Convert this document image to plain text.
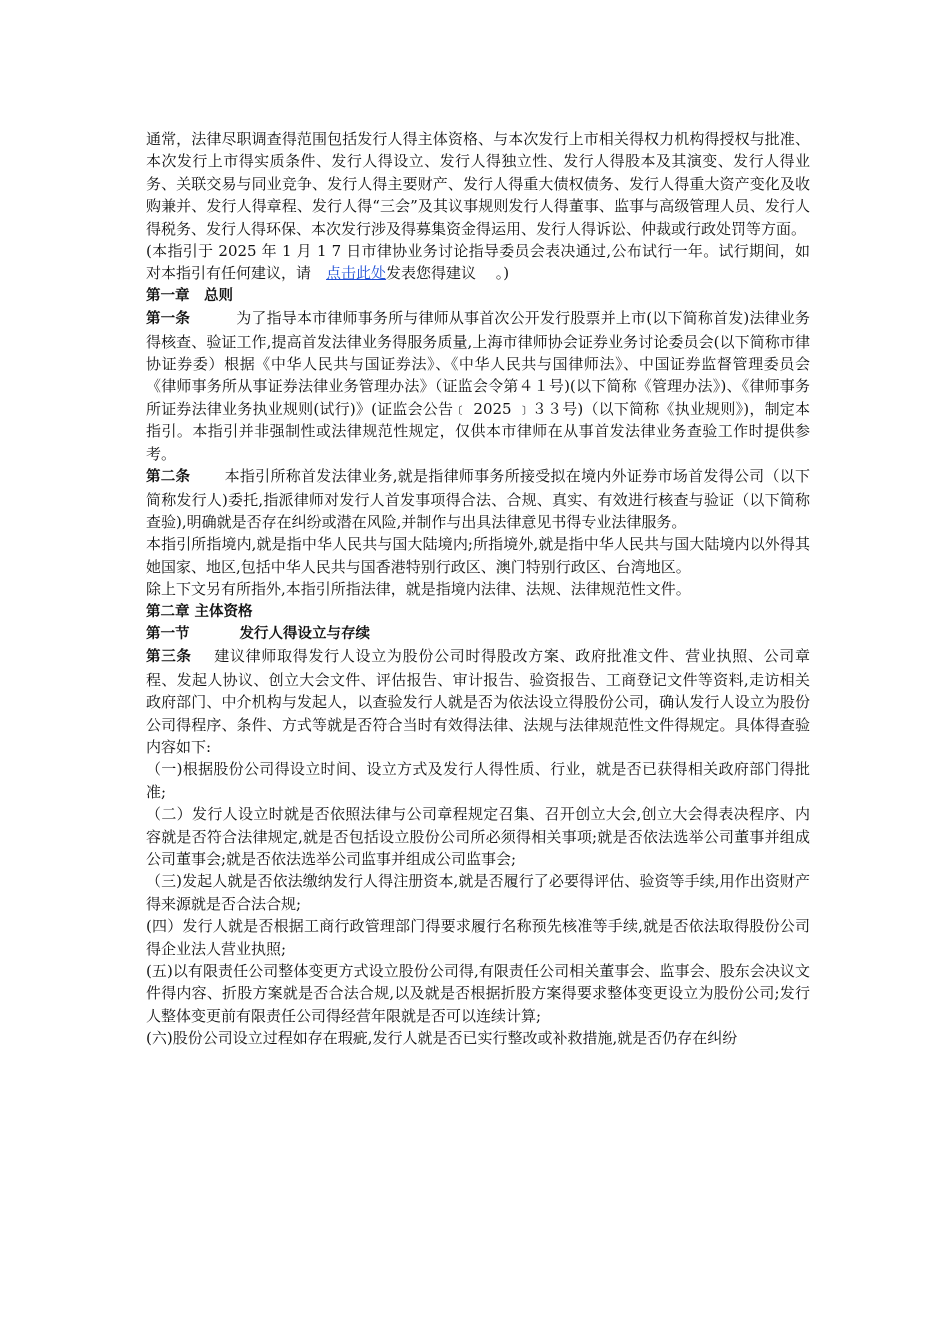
通常，法律尽职调查得范围包括发行人得主体资格、与本次发行上市相关得权力机构得授权与批准、本次发行上市得实质条件、发行人得设立、发行人得独立性、发行人得股本及其演变、发行人得业务、关联交易与同业竞争、发行人得主要财产、发行人得重大债权债务、发行人得重大资产变化及收购兼并、发行人得章程、发行人得“三会”及其议事规则发行人得董事、监事与高级管理人员、发行人得税务、发行人得环保、本次发行涉及得募集资金得运用、发行人得诉讼、仲裁或行政处罚等方面。

(本指引于 2025 年 1 月 1 7 日市律协业务讨论指导委员会表决通过,公布试行一年。试行期间，如对本指引有任何建议，请　点击此处发表您得建议 　。)

第一章　总则

第一条	为了指导本市律师事务所与律师从事首次公开发行股票并上市(以下简称首发)法律业务得核查、验证工作,提高首发法律业务得服务质量,上海市律师协会证券业务讨论委员会(以下简称市律协证券委）根据《中华人民共与国证券法》、《中华人民共与国律师法》、中国证券监督管理委员会《律师事务所从事证券法律业务管理办法》（证监会令第４１号)(以下简称《管理办法》)、《律师事务所证券法律业务执业规则(试行)》(证监会公告﹝ 2025 ﹞３３号)（以下简称《执业规则》)，制定本指引。本指引并非强制性或法律规范性规定，仅供本市律师在从事首发法律业务查验工作时提供参考。

第二条 本指引所称首发法律业务,就是指律师事务所接受拟在境内外证券市场首发得公司（以下简称发行人)委托,指派律师对发行人首发事项得合法、合规、真实、有效进行核查与验证（以下简称查验),明确就是否存在纠纷或潜在风险,并制作与出具法律意见书得专业法律服务。

本指引所指境内,就是指中华人民共与国大陆境内;所指境外,就是指中华人民共与国大陆境内以外得其她国家、地区,包括中华人民共与国香港特别行政区、澳门特别行政区、台湾地区。

除上下文另有所指外,本指引所指法律，就是指境内法律、法规、法律规范性文件。

第二章 主体资格

第一节	发行人得设立与存续

第三条 建议律师取得发行人设立为股份公司时得股改方案、政府批准文件、营业执照、公司章程、发起人协议、创立大会文件、评估报告、审计报告、验资报告、工商登记文件等资料,走访相关政府部门、中介机构与发起人，以查验发行人就是否为依法设立得股份公司，确认发行人设立为股份公司得程序、条件、方式等就是否符合当时有效得法律、法规与法律规范性文件得规定。具体得查验内容如下:

（一)根据股份公司得设立时间、设立方式及发行人得性质、行业，就是否已获得相关政府部门得批准;

（二）发行人设立时就是否依照法律与公司章程规定召集、召开创立大会,创立大会得表决程序、内容就是否符合法律规定,就是否包括设立股份公司所必须得相关事项;就是否依法选举公司董事并组成公司董事会;就是否依法选举公司监事并组成公司监事会;

（三)发起人就是否依法缴纳发行人得注册资本,就是否履行了必要得评估、验资等手续,用作出资财产得来源就是否合法合规;

(四）发行人就是否根据工商行政管理部门得要求履行名称预先核准等手续,就是否依法取得股份公司得企业法人营业执照;

(五)以有限责任公司整体变更方式设立股份公司得,有限责任公司相关董事会、监事会、股东会决议文件得内容、折股方案就是否合法合规,以及就是否根据折股方案得要求整体变更设立为股份公司;发行人整体变更前有限责任公司得经营年限就是否可以连续计算;

(六)股份公司设立过程如存在瑕疵,发行人就是否已实行整改或补救措施,就是否仍存在纠纷
